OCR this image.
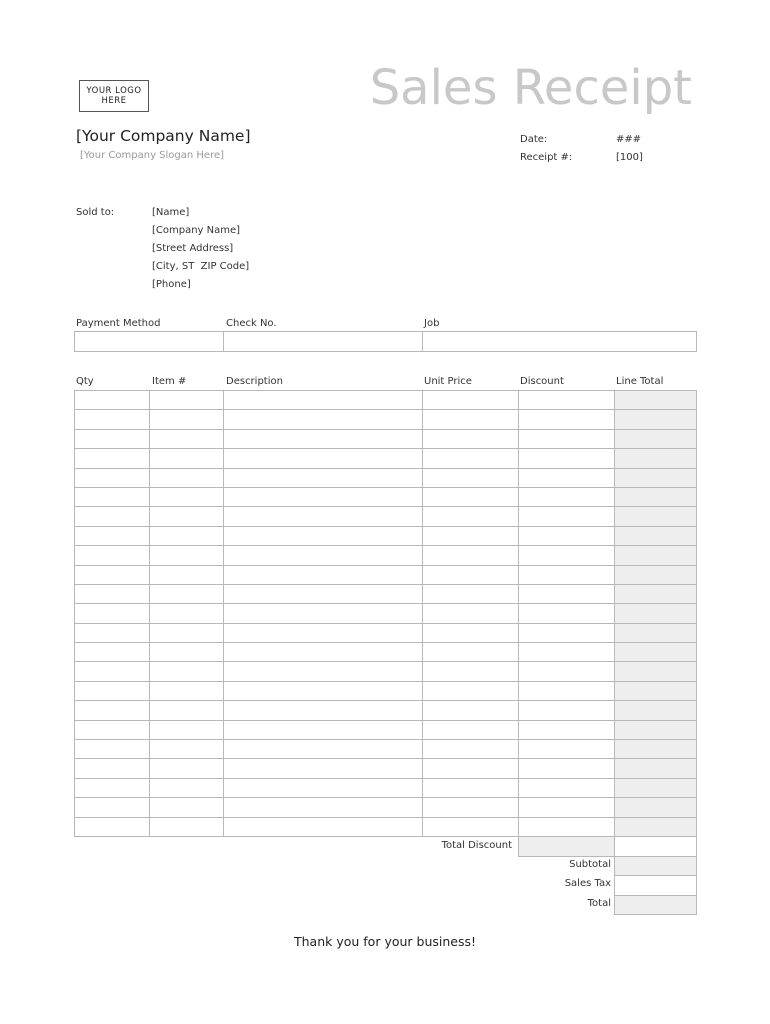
YOUR LOGO HERE	Sales Receipt
[Your Company Name]
[Your Company Slogan Here]
Date:	###
Receipt #:	[100]
Sold to:	[Name]
[Company Name]
[Street Address]
[City, ST  ZIP Code]
[Phone]
Payment Method	Check No.	Job

Qty	Item #	Description	Unit Price	Discount	Line Total

Total Discount
Subtotal
Sales Tax
Total

Thank you for your business!
